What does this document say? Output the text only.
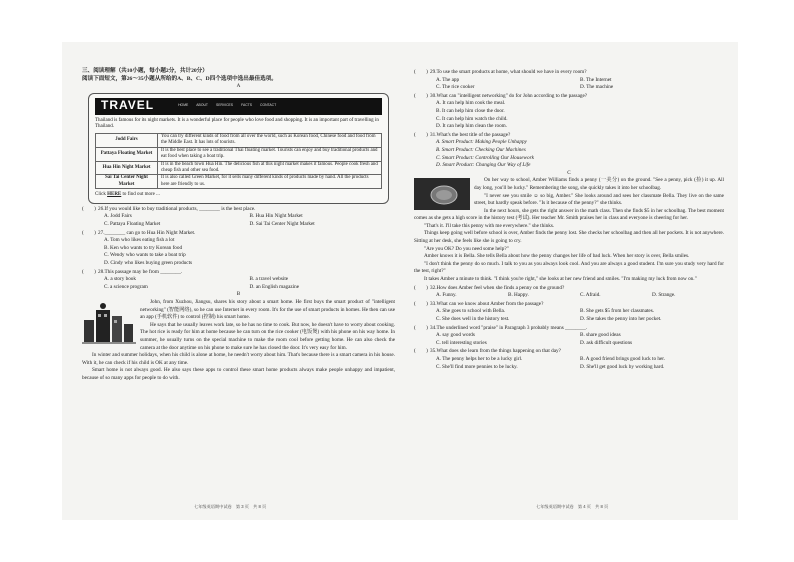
三、阅读理解（共10小题，每小题2分，共计20分）
阅读下面短文，第26～35小题从所给的A、B、C、D四个选项中选出最佳选项。
A
TRAVEL	HOME ABOUT SERVICES FACTS CONTACT
Thailand is famous for its night markets. It is a wonderful place for people who love food and shopping. It is an important part of travelling in Thailand.
Jodd Fairs	You can try different kinds of food from all over the world, such as Korean food, Chinese food and food from the Middle East. It has lots of tourists.
Pattaya Floating Market	It is the best place to see a traditional Thai floating market. Tourists can enjoy and buy traditional products and eat food when taking a boat trip.
Hua Hin Night Market	It is in the beach town Hua Hin. The delicious fish at this night market makes it famous. People cook fresh and cheap fish and other sea food.
Sai Tai Center Night Market	It is also called Green Market, for it sells many different kinds of products made by hand. All the products here are friendly to us.
Click HERE to find out more ...
(　　) 26. If you would like to buy traditional products, ________ is the best place.
A. Jodd Fairs	B. Hua Hin Night Market
C. Pattaya Floating Market	D. Sai Tai Center Night Market
(　　) 27. ________ can go to Hua Hin Night Market.
A. Tom who likes eating fish a lot
B. Ken who wants to try Korean food
C. Wendy who wants to take a boat trip
D. Cindy who likes buying green products
(　　) 28. This passage may be from ________.
A. a story book	B. a travel website
C. a science program	D. an English magazine
B

John, from Xuzhou, Jiangsu, shares his story about a smart home. He first buys the smart product of "intelligent networking" (智能网络), so he can use Internet in every room. It's for the use of smart products in homes. He then can use an app (手机软件) to control (控制) his smart home.

He says that he usually leaves work late, so he has no time to cook. But now, he doesn't have to worry about cooking. The hot rice is ready for him at home because he can turn on the rice cooker (电饭煲) with his phone on his way home. In summer, he usually turns on the special machine to make the room cool before getting home. He can also check the camera at the door anytime on his phone to make sure he has closed the door. It's very easy for him.

In winter and summer holidays, when his child is alone at home, he needn't worry about him. That's because there is a smart camera in his house. With it, he can check if his child is OK at any time.

Smart home is not always good. He also says these apps to control these smart home products always make people unhappy and impatient, because of so many apps for people to do with.

(　　) 29. To use the smart products at home, what should we have in every room?
A. The app	B. The Internet
C. The rice cooker	D. The machine
(　　) 30. What can "intelligent networking" do for John according to the passage?
A. It can help him cook the meal.
B. It can help him close the door.
C. It can help him watch the child.
D. It can help him clean the room.
(　　) 31. What's the best title of the passage?
A. Smart Product: Making People Unhappy
B. Smart Product: Checking Our Machines
C. Smart Product: Controlling Our Housework
D. Smart Product: Changing Our Way of Life
C

On her way to school, Amber Williams finds a penny (一美分) on the ground. "See a penny, pick (捡) it up. All day long, you'll be lucky." Remembering the song, she quickly takes it into her schoolbag.

"I never see you smile ☺ so big, Amber." She looks around and sees her classmate Bella. They live on the same street, but hardly speak before. "Is it because of the penny?" she thinks.

In the next hours, she gets the right answer in the math class. Then she finds $5 in her schoolbag. The best moment comes as she gets a high score in the history test (考试). Her teacher Mr. Smith praises her in class and everyone is cheering for her.

"That's it. I'll take this penny with me everywhere." she thinks.

Things keep going well before school is over, Amber finds the penny lost. She checks her schoolbag and then all her pockets. It is not anywhere. Sitting at her desk, she feels like she is going to cry.

"Are you OK? Do you need some help?"

Amber knows it is Bella. She tells Bella about how the penny changes her life of bad luck. When her story is over, Bella smiles.

"I don't think the penny do so much. I talk to you as you always look cool. And you are always a good student. I'm sure you study very hard for the test, right?"

It takes Amber a minute to think. "I think you're right," she looks at her new friend and smiles. "I'm making my luck from now on."

(　　) 32. How does Amber feel when she finds a penny on the ground?
A. Funny.	B. Happy.	C. Afraid.	D. Strange.
(　　) 33. What can we know about Amber from the passage?
A. She goes to school with Bella.	B. She gets $5 from her classmates.
C. She does well in the history test.	D. She takes the penny into her pocket.
(　　) 34. The underlined word "praise" in Paragraph 3 probably means ________.
A. say good words	B. share good ideas
C. tell interesting stories	D. ask difficult questions
(　　) 35. What does she learn from the things happening on that day?
A. The penny helps her to be a lucky girl.	B. A good friend brings good luck to her.
C. She'll find more pennies to be lucky.	D. She'll get good luck by working hard.
七年级英语期中试卷　第 3 页　共 8 页	七年级英语期中试卷　第 4 页　共 8 页
